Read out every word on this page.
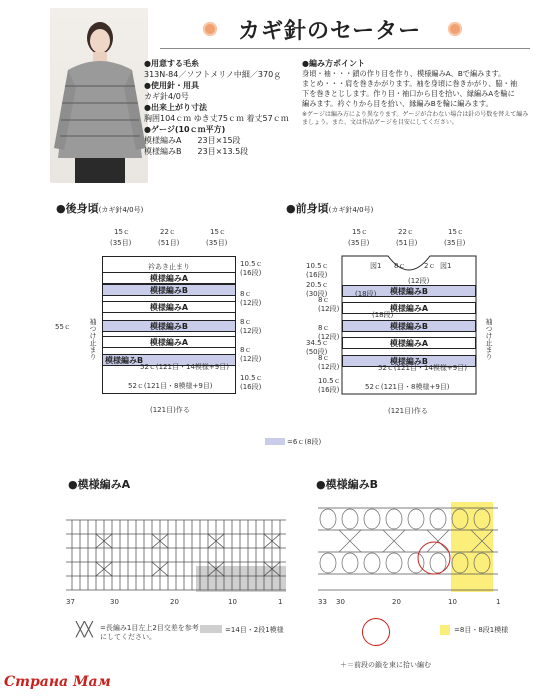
カギ針のセーター
●用意する毛糸
313N-84／ソフトメリノ中細／370ｇ
●使用針・用具
カギ針4/0号
●出来上がり寸法
胸囲104ｃｍ ゆき丈75ｃｍ 着丈57ｃｍ
●ゲージ(10ｃｍ平方)
模様編みA　　23目×15段
模様編みB　　23目×13.5段
●編み方ポイント
身頃・袖・・・鎖の作り目を作り、模様編みA、Bで編みます。
まとめ・・・肩を巻きかがります。袖を身頃に巻きかがり、脇・袖
下を巻きとじします。作り目・袖口から目を拾い、縁編みAを輪に
編みます。衿ぐりから目を拾い、縁編みBを輪に編みます。
※ゲージは編み方により異なります。ゲージが合わない場合は針の号数を替えて編み
ましょう。また、文は作品ゲージを目安にしてください。
●後身頃(カギ針4/0号)
15ｃ	22ｃ	15ｃ
(35目)	(51目)	(35目)
衿あき止まり
模様編みA
模様編みB
模様編みA
模様編みB
模様編みA
模様編みB
52ｃ(121目・14模様+9目)
52ｃ(121目・8模様+9目)
(121目)作る
55ｃ	袖つけ止まり
10.5ｃ
(16段)
8ｃ
(12段)
8ｃ
(12段)
8ｃ
(12段)
10.5ｃ
(16段)
●前身頃(カギ針4/0号)
15ｃ	22ｃ	15ｃ
(35目)	(51目)	(35目)
図1	図1
8ｃ	2ｃ
模様編みB
模様編みA
模様編みB
模様編みA
模様編みB
(18段)
(12段)
(18段)
52ｃ(121目・14模様+9目)
52ｃ(121目・8模様+9目)
(121目)作る
袖つけ止まり
10.5ｃ
(16段)
20.5ｃ
(30段)
34.5ｃ
(50段)
8ｃ
(12段)
8ｃ
(12段)
8ｃ
(12段)
10.5ｃ
(16段)
=6ｃ(8段)
●模様編みA
37	30	20	10	1
╳╳ =長編み1目左上2目交差を参考にしてください。
=14目・2段1模様
●模様編みB
33 30	20	10	1
=8目・8段1模様
＋＝前段の鎖を束に拾い編む
Страна Мам
